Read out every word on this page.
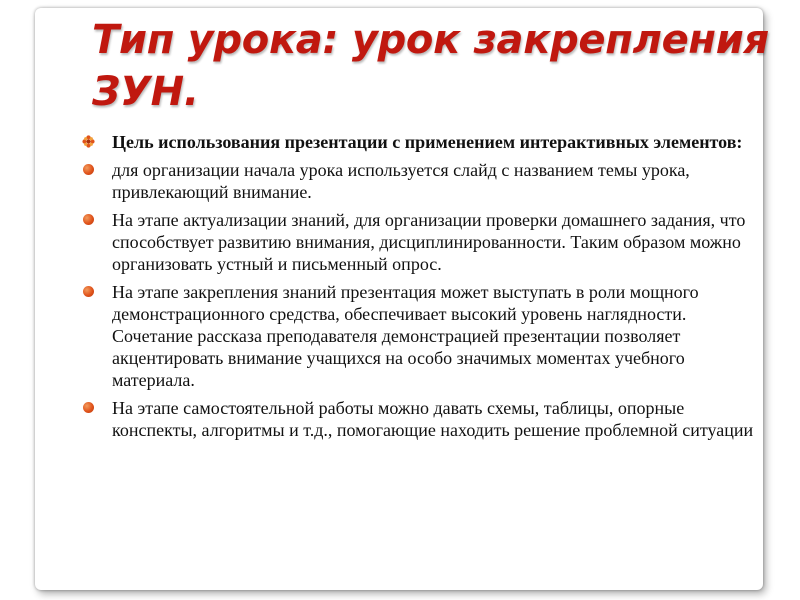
Тип урока: урок закрепления ЗУН.
Цель использования презентации с применением интерактивных элементов:
для организации начала урока используется слайд с названием темы урока, привлекающий внимание.
На этапе актуализации знаний, для организации проверки домашнего задания, что способствует развитию внимания, дисциплинированности. Таким образом можно организовать устный и письменный опрос.
На этапе закрепления знаний презентация может выступать в роли мощного демонстрационного средства, обеспечивает высокий уровень наглядности. Сочетание рассказа преподавателя демонстрацией презентации позволяет акцентировать внимание учащихся на особо значимых моментах учебного материала.
На этапе самостоятельной работы можно давать схемы, таблицы, опорные конспекты, алгоритмы и т.д., помогающие находить решение проблемной ситуации
